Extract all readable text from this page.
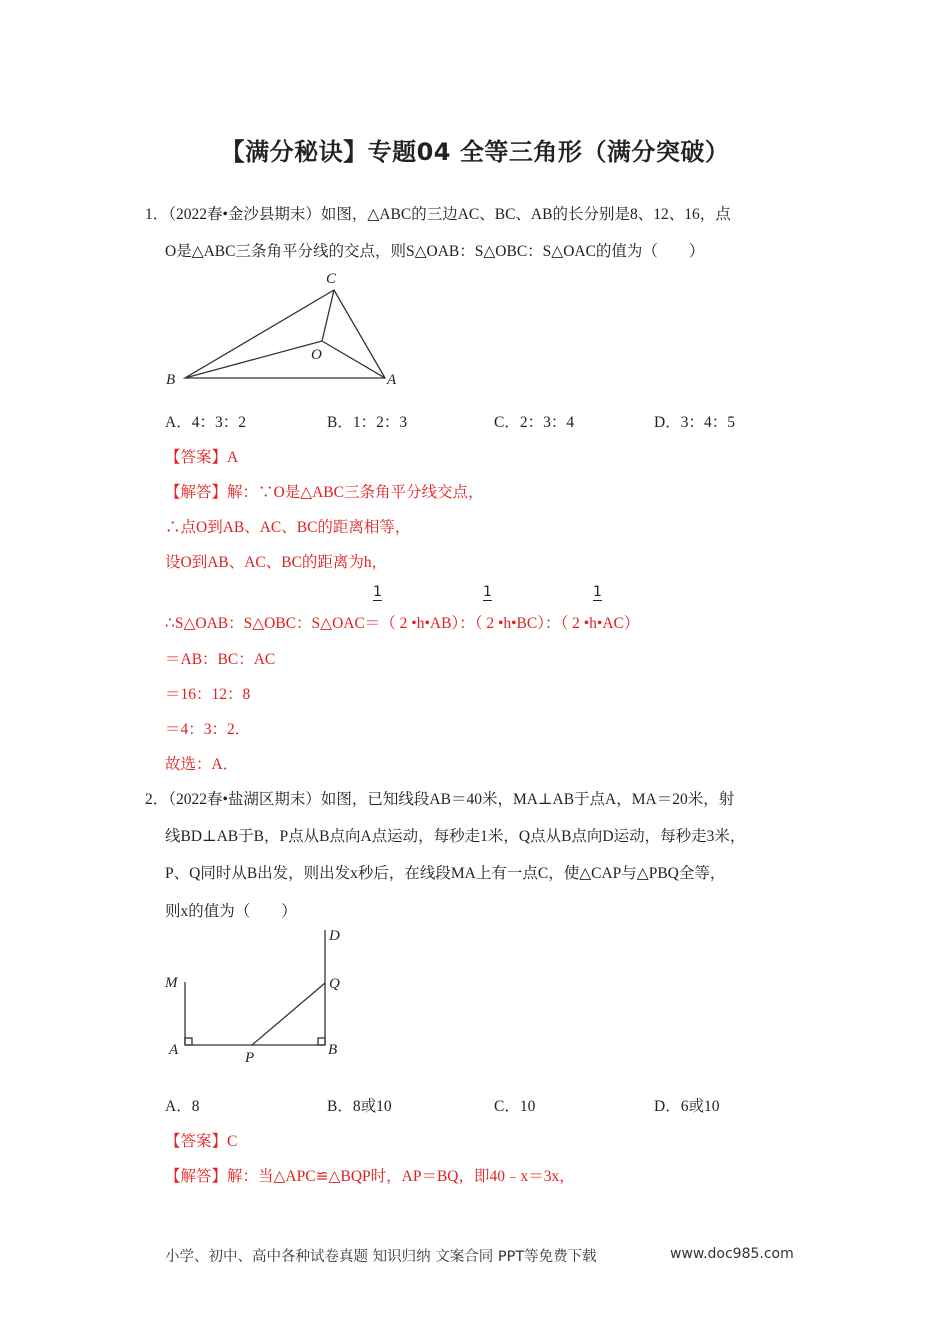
【满分秘诀】专题04 全等三角形（满分突破）
1．（2022春•金沙县期末）如图，△ABC的三边AC、BC、AB的长分别是8、12、16，点
O是△ABC三条角平分线的交点，则S△OAB：S△OBC：S△OAC的值为（　　）
C
O
B	A
M
A	P	B
Q
D
A．4：3：2	B．1：2：3	C．2：3：4	D．3：4：5
【答案】A
【解答】解：∵O是△ABC三条角平分线交点，
∴点O到AB、AC、BC的距离相等，
设O到AB、AC、BC的距离为h，
1	1	1
∴S△OAB：S△OBC：S△OAC＝（ 2 •h•AB）：（ 2 •h•BC）：（ 2 •h•AC）
＝AB：BC：AC
＝16：12：8
＝4：3：2．
故选：A．
2．（2022春•盐湖区期末）如图，已知线段AB＝40米，MA⊥AB于点A，MA＝20米，射
线BD⊥AB于B，P点从B点向A点运动，每秒走1米，Q点从B点向D运动，每秒走3米，
P、Q同时从B出发，则出发x秒后，在线段MA上有一点C，使△CAP与△PBQ全等，
则x的值为（　　）
A．8	B．8或10	C．10	D．6或10
【答案】C
【解答】解：当△APC≌△BQP时，AP＝BQ，即40﹣x＝3x，
小学、初中、高中各种试卷真题 知识归纳 文案合同 PPT等免费下载	www.doc985.com
